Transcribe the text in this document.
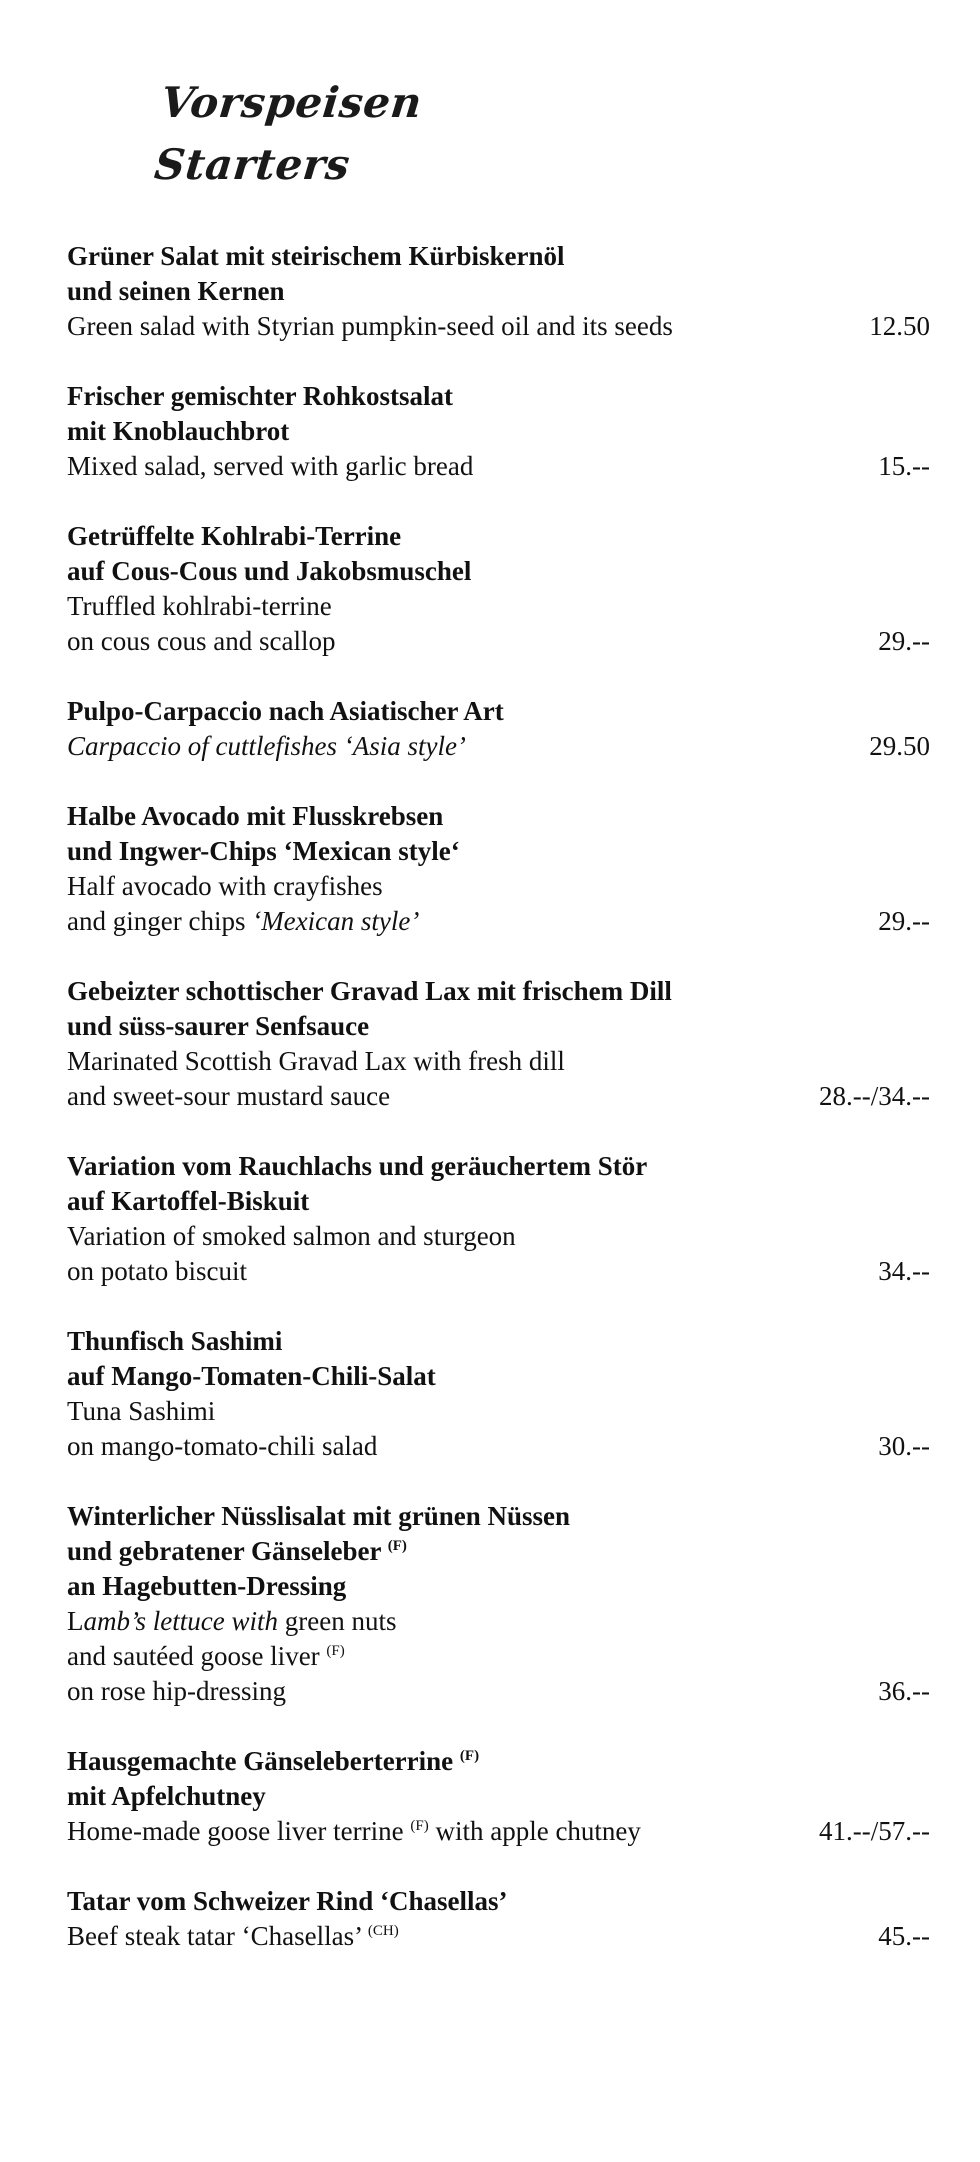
Vorspeisen
Starters
Grüner Salat mit steirischem Kürbiskernöl
und seinen Kernen
Green salad with Styrian pumpkin-seed oil and its seeds	12.50
Frischer gemischter Rohkostsalat
mit Knoblauchbrot
Mixed salad, served with garlic bread	15.--
Getrüffelte Kohlrabi-Terrine
auf Cous-Cous und Jakobsmuschel
Truffled kohlrabi-terrine
on cous cous and scallop	29.--
Pulpo-Carpaccio nach Asiatischer Art
Carpaccio of cuttlefishes ‘Asia style’	29.50
Halbe Avocado mit Flusskrebsen
und Ingwer-Chips ‘Mexican style‘
Half avocado with crayfishes
and ginger chips ‘Mexican style’	29.--
Gebeizter schottischer Gravad Lax mit frischem Dill
und süss-saurer Senfsauce
Marinated Scottish Gravad Lax with fresh dill
and sweet-sour mustard sauce	28.--/34.--
Variation vom Rauchlachs und geräuchertem Stör
auf Kartoffel-Biskuit
Variation of smoked salmon and sturgeon
on potato biscuit	34.--
Thunfisch Sashimi
auf Mango-Tomaten-Chili-Salat
Tuna Sashimi
on mango-tomato-chili salad	30.--
Winterlicher Nüsslisalat mit grünen Nüssen
und gebratener Gänseleber $^{(F)}$
an Hagebutten-Dressing
Lamb’s lettuce with green nuts
and sautéed goose liver $^{(F)}$
on rose hip-dressing	36.--
Hausgemachte Gänseleberterrine $^{(F)}$
mit Apfelchutney
Home-made goose liver terrine $^{(F)}$ with apple chutney	41.--/57.--
Tatar vom Schweizer Rind ‘Chasellas’
Beef steak tatar ‘Chasellas’ $^{(CH)}$	45.--
